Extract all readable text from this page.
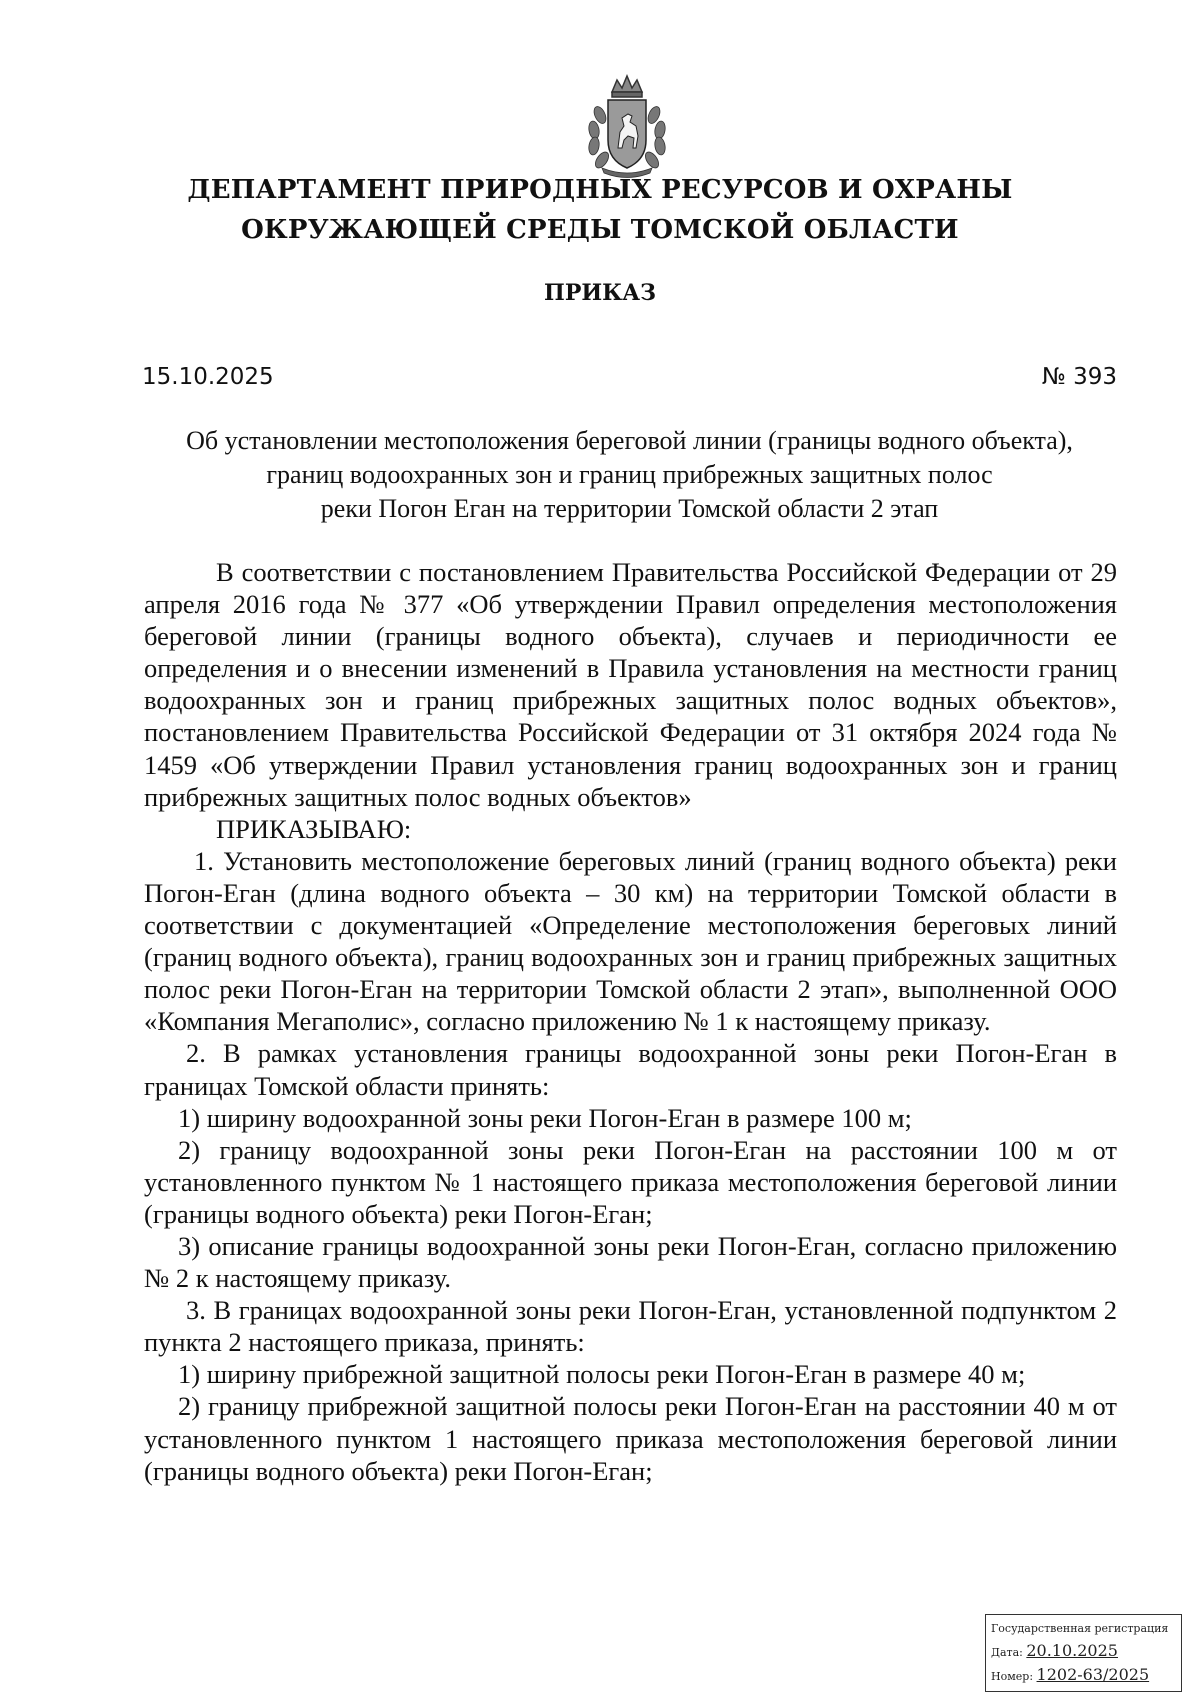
ДЕПАРТАМЕНТ ПРИРОДНЫХ РЕСУРСОВ И ОХРАНЫ
ОКРУЖАЮЩЕЙ СРЕДЫ ТОМСКОЙ ОБЛАСТИ
ПРИКАЗ
15.10.2025	№ 393
Об установлении местоположения береговой линии (границы водного объекта),
границ водоохранных зон и границ прибрежных защитных полос
реки Погон Еган на территории Томской области 2 этап

В соответствии с постановлением Правительства Российской Федерации от 29 апреля 2016 года № 377 «Об утверждении Правил определения местоположения береговой линии (границы водного объекта), случаев и периодичности ее определения и о внесении изменений в Правила установления на местности границ водоохранных зон и границ прибрежных защитных полос водных объектов», постановлением Правительства Российской Федерации от 31 октября 2024 года № 1459 «Об утверждении Правил установления границ водоохранных зон и границ прибрежных защитных полос водных объектов»

ПРИКАЗЫВАЮ:

1. Установить местоположение береговых линий (границ водного объекта) реки Погон-Еган (длина водного объекта – 30 км) на территории Томской области в соответствии с документацией «Определение местоположения береговых линий (границ водного объекта), границ водоохранных зон и границ прибрежных защитных полос реки Погон-Еган на территории Томской области 2 этап», выполненной ООО «Компания Мегаполис», согласно приложению № 1 к настоящему приказу.

2. В рамках установления границы водоохранной зоны реки Погон-Еган в границах Томской области принять:

1) ширину водоохранной зоны реки Погон-Еган в размере 100 м;

2) границу водоохранной зоны реки Погон-Еган на расстоянии 100 м от установленного пунктом № 1 настоящего приказа местоположения береговой линии (границы водного объекта) реки Погон-Еган;

3) описание границы водоохранной зоны реки Погон-Еган, согласно приложению № 2 к настоящему приказу.

3. В границах водоохранной зоны реки Погон-Еган, установленной подпунктом 2 пункта 2 настоящего приказа, принять:

1) ширину прибрежной защитной полосы реки Погон-Еган в размере 40 м;

2) границу прибрежной защитной полосы реки Погон-Еган на расстоянии 40 м от установленного пунктом 1 настоящего приказа местоположения береговой линии (границы водного объекта) реки Погон-Еган;

Государственная регистрация
Дата: 20.10.2025
Номер: 1202-63/2025
